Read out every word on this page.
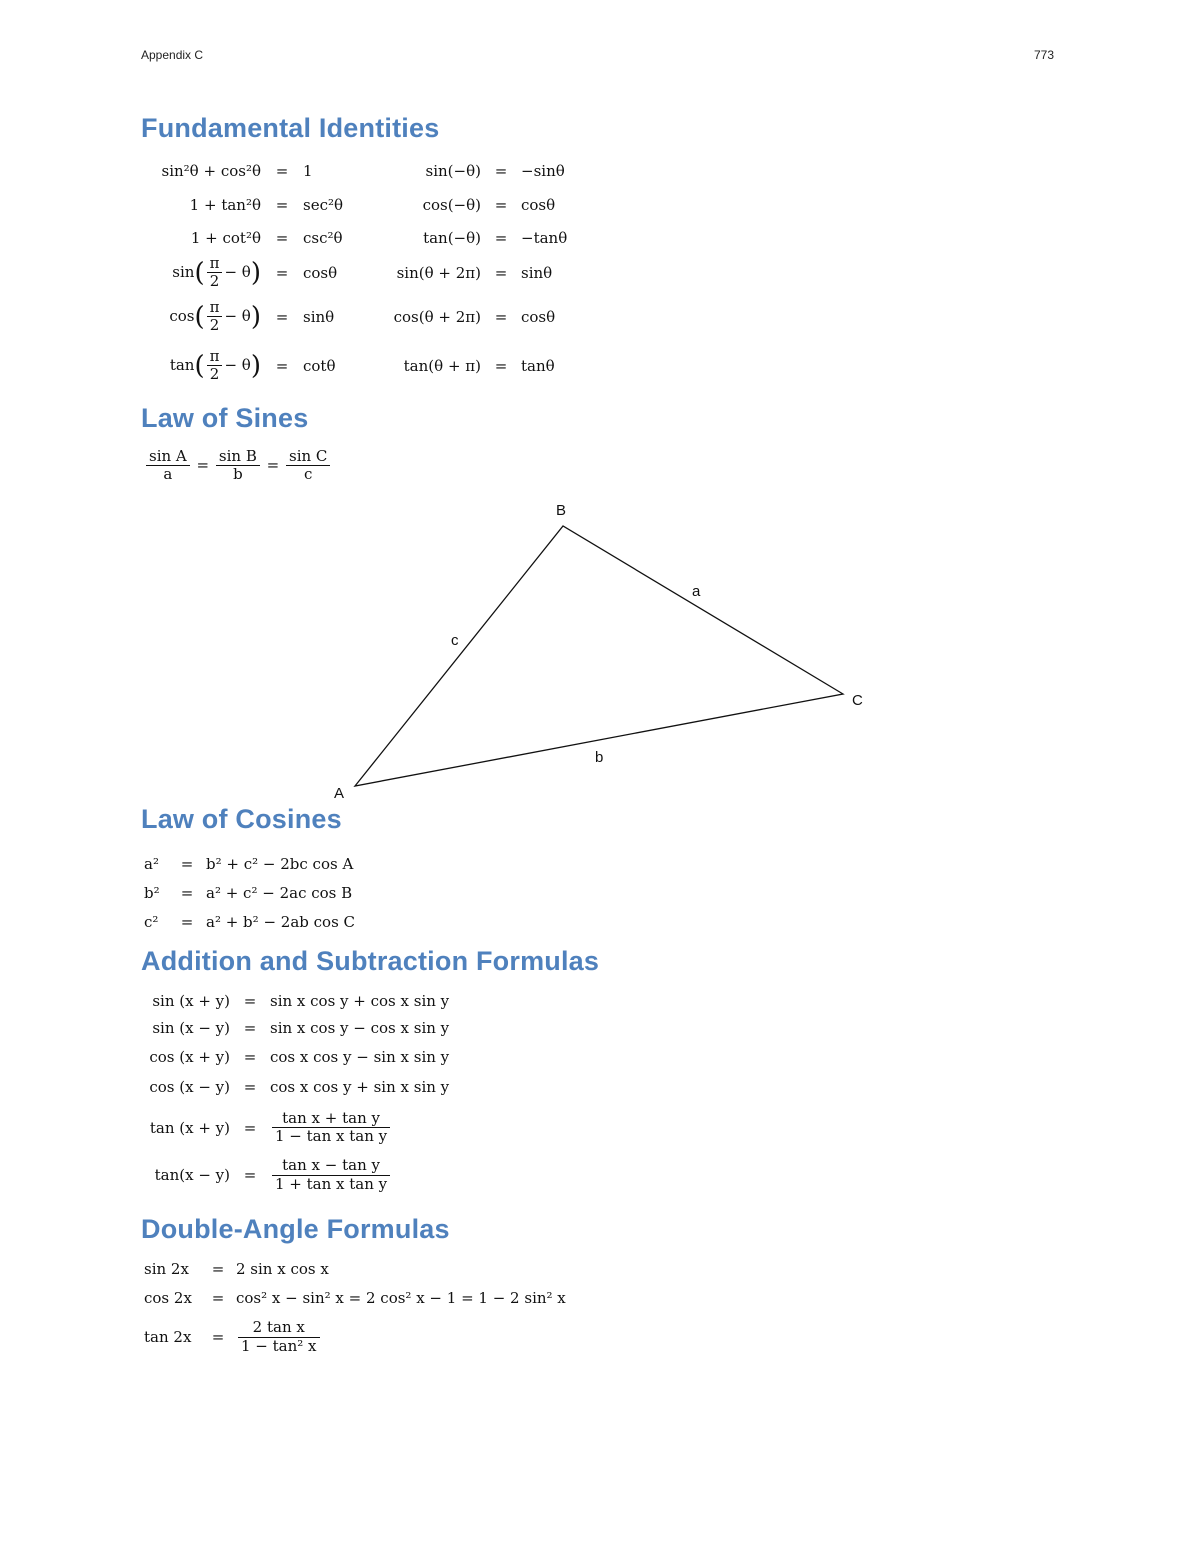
Appendix C	773
Fundamental Identities
sin²θ + cos²θ	=	1	sin(−θ)	=	−sinθ
1 + tan²θ	=	sec²θ	cos(−θ)	=	cosθ
1 + cot²θ	=	csc²θ	tan(−θ)	=	−tanθ
$\sin( \frac{\pi}{2} - \theta)$	=	cosθ	sin(θ + 2π)	=	sinθ
$\cos( \frac{\pi}{2} - \theta)$	=	sinθ	cos(θ + 2π)	=	cosθ
$\tan( \frac{\pi}{2} - \theta)$	=	cotθ	tan(θ + π)	=	tanθ
Law of Sines
$\frac{\text{sin A}}{a} = \frac{\text{sin B}}{b} = \frac{\text{sin C}}{c}$
B
C
A
a
b
c
Law of Cosines
a²	=	b² + c² − 2bc cos A
b²	=	a² + c² − 2ac cos B
c²	=	a² + b² − 2ab cos C
Addition and Subtraction Formulas
sin (x + y)	=	sin x cos y + cos x sin y
sin (x − y)	=	sin x cos y − cos x sin y
cos (x + y)	=	cos x cos y − sin x sin y
cos (x − y)	=	cos x cos y + sin x sin y
tan (x + y)	=	$\frac{\text{tan x + tan y}}{\text{1 − tan x tan y}}$

tan(x − y)	=	$\frac{\text{tan x − tan y}}{\text{1 + tan x tan y}}$
Double-Angle Formulas
sin 2x	=	2 sin x cos x
cos 2x	=	cos² x − sin² x = 2 cos² x − 1 = 1 − 2 sin² x
tan 2x	=	$\frac{\text{2 tan x}}{\text{1 − tan² x}}$
